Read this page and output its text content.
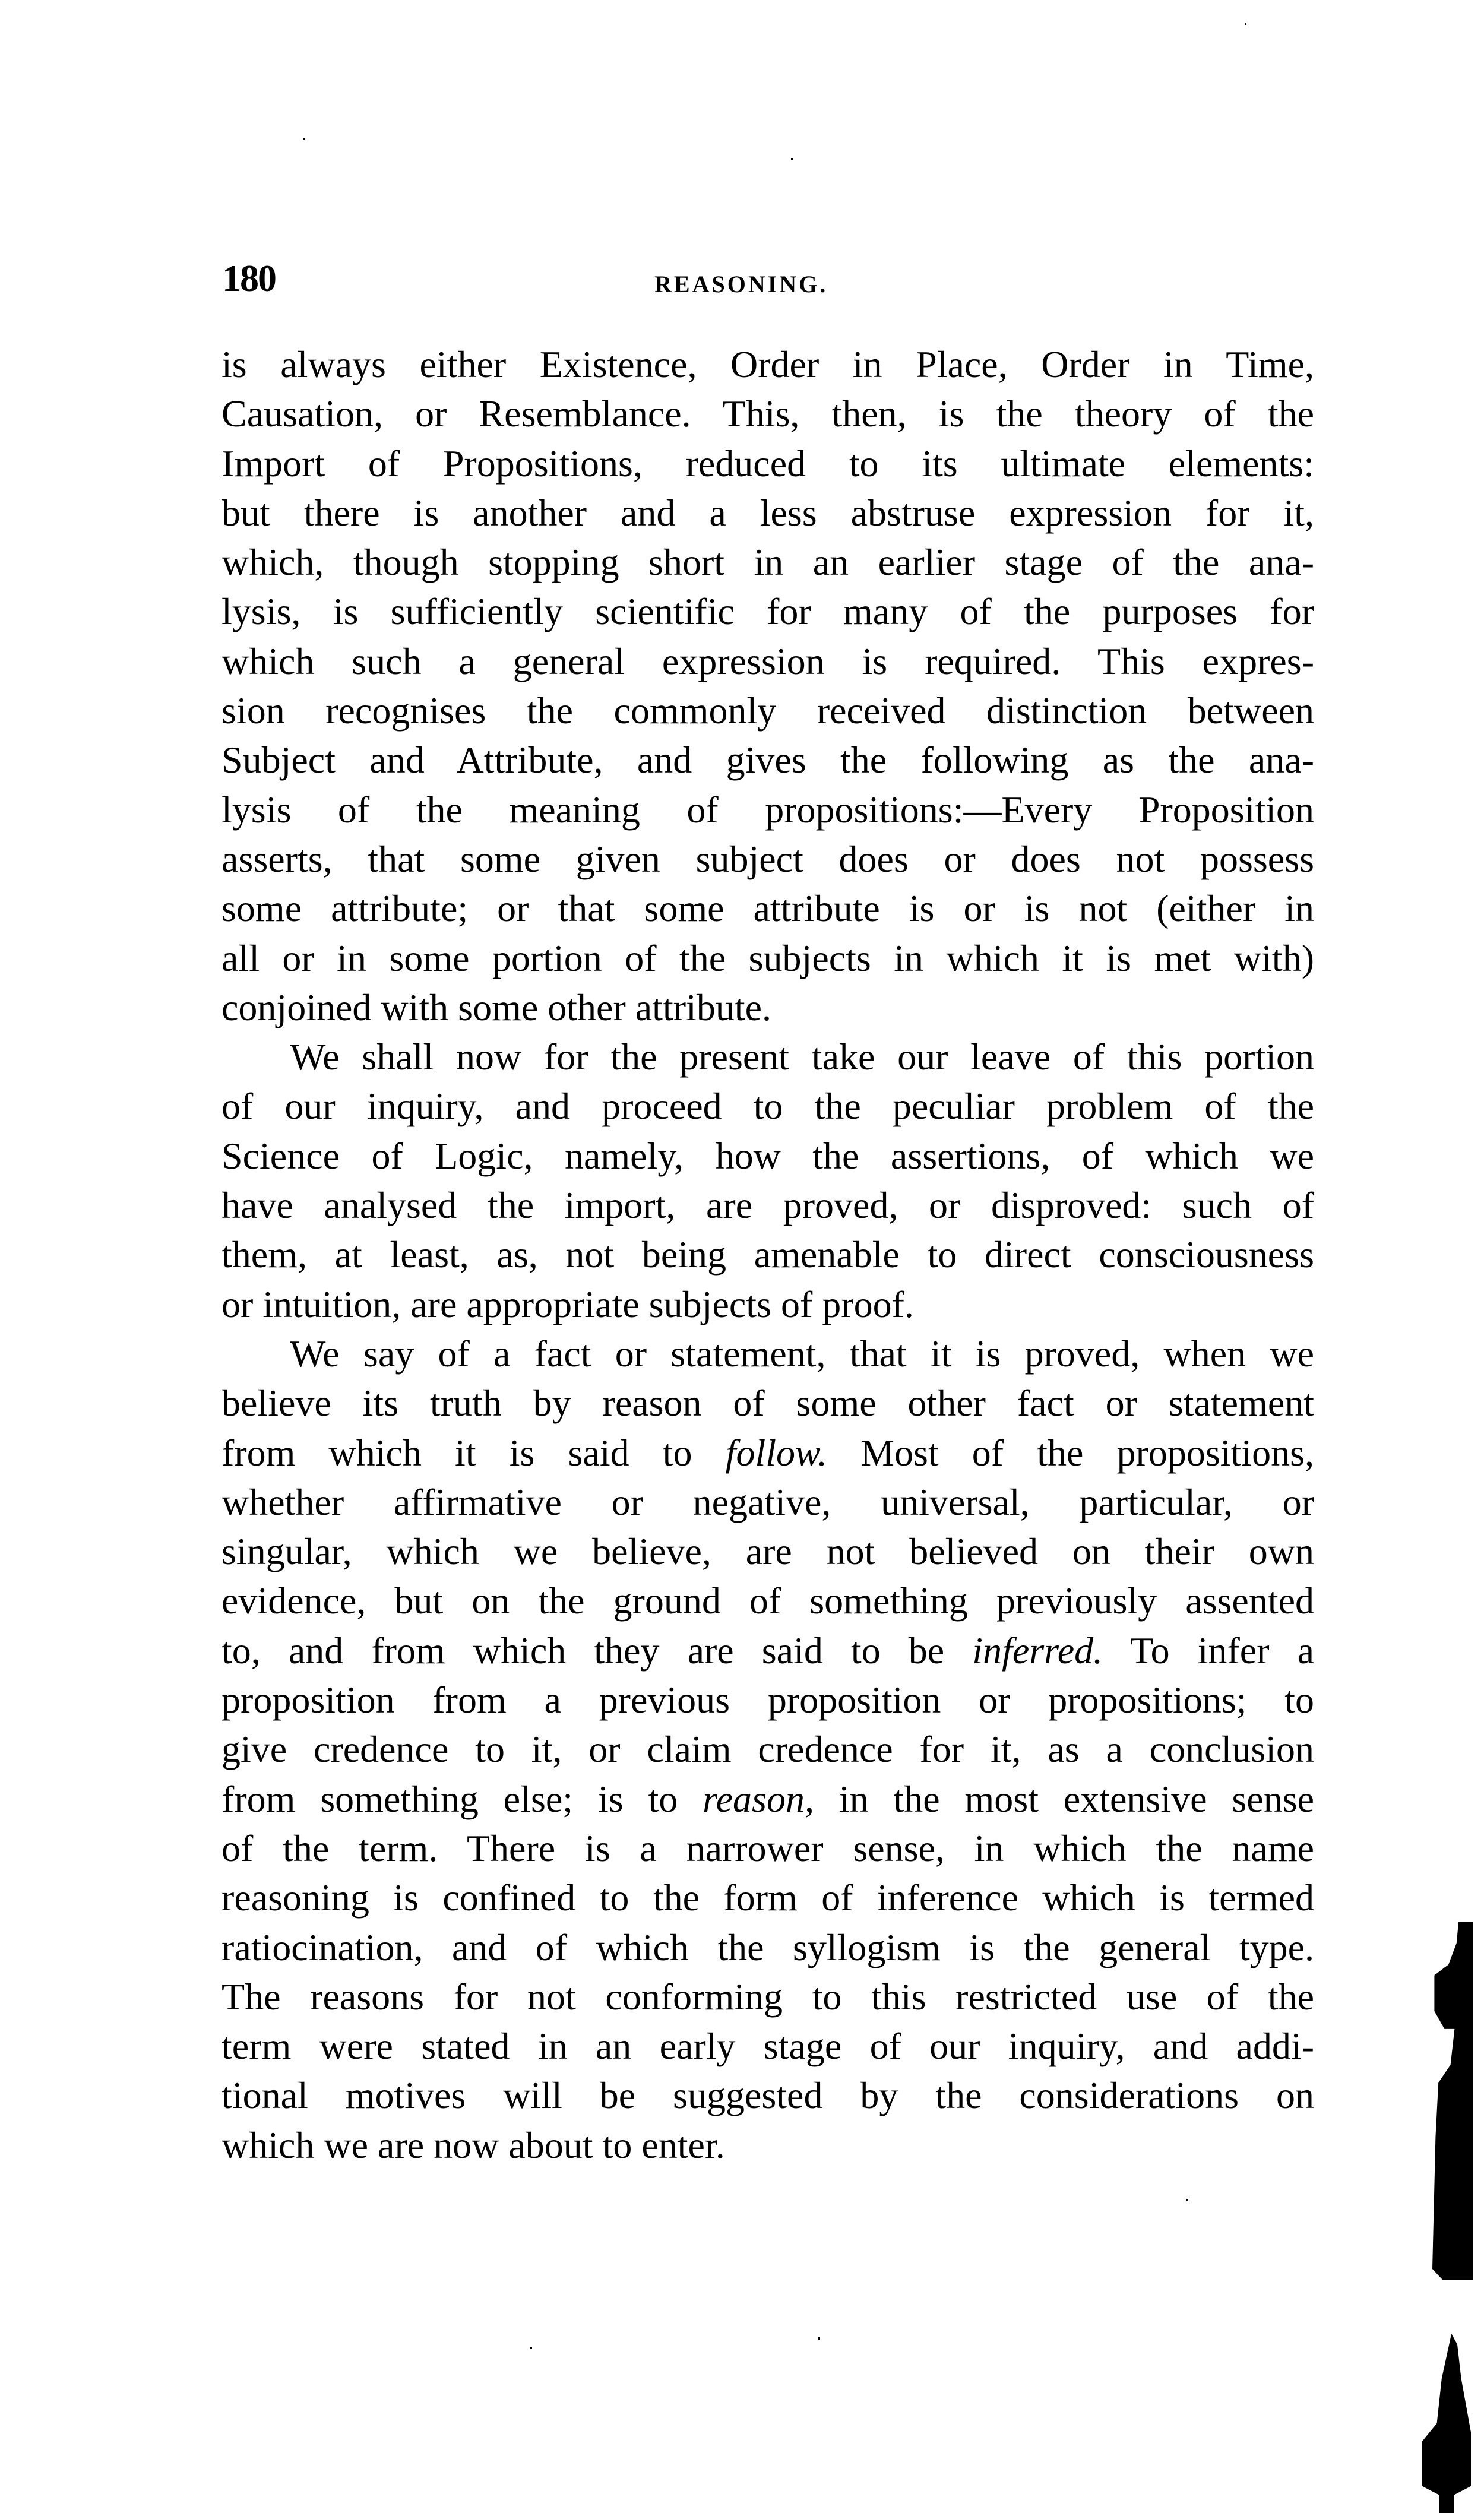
180	REASONING.
is always either Existence, Order in Place, Order in Time,
Causation, or Resemblance. This, then, is the theory of the
Import of Propositions, reduced to its ultimate elements:
but there is another and a less abstruse expression for it,
which, though stopping short in an earlier stage of the ana-
lysis, is sufficiently scientific for many of the purposes for
which such a general expression is required. This expres-
sion recognises the commonly received distinction between
Subject and Attribute, and gives the following as the ana-
lysis of the meaning of propositions:—Every Proposition
asserts, that some given subject does or does not possess
some attribute; or that some attribute is or is not (either in
all or in some portion of the subjects in which it is met with)
conjoined with some other attribute.
We shall now for the present take our leave of this portion
of our inquiry, and proceed to the peculiar problem of the
Science of Logic, namely, how the assertions, of which we
have analysed the import, are proved, or disproved: such of
them, at least, as, not being amenable to direct consciousness
or intuition, are appropriate subjects of proof.
We say of a fact or statement, that it is proved, when we
believe its truth by reason of some other fact or statement
from which it is said to follow. Most of the propositions,
whether affirmative or negative, universal, particular, or
singular, which we believe, are not believed on their own
evidence, but on the ground of something previously assented
to, and from which they are said to be inferred. To infer a
proposition from a previous proposition or propositions; to
give credence to it, or claim credence for it, as a conclusion
from something else; is to reason, in the most extensive sense
of the term. There is a narrower sense, in which the name
reasoning is confined to the form of inference which is termed
ratiocination, and of which the syllogism is the general type.
The reasons for not conforming to this restricted use of the
term were stated in an early stage of our inquiry, and addi-
tional motives will be suggested by the considerations on
which we are now about to enter.
